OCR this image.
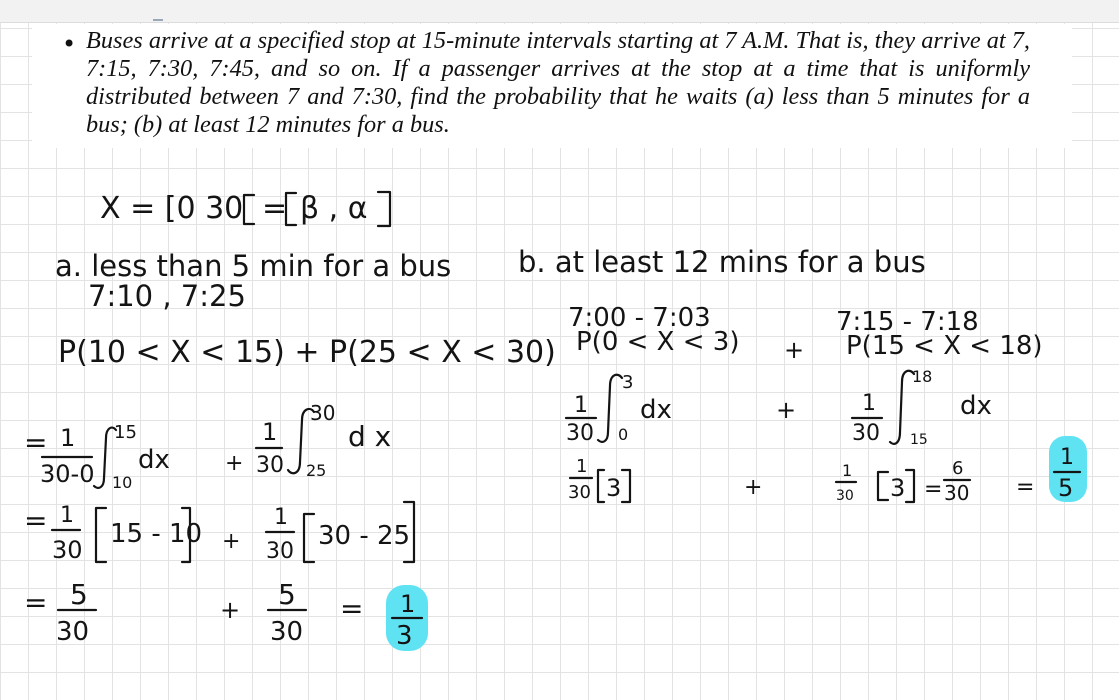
• Buses arrive at a specified stop at 15-minute intervals starting at 7 A.M. That is, they arrive at 7, 7:15, 7:30, 7:45, and so on. If a passenger arrives at the stop at a time that is uniformly distributed between 7 and 7:30, find the probability that he waits (a) less than 5 minutes for a bus; (b) at least 12 minutes for a bus.

X = [0 30 = β , α
a. less than 5 min for a bus
7:10 , 7:25
P(10 < X < 15) + P(25 < X < 30)
= 1
30-0
15
10
dx	+
1
30
30
25
d x
= 1
30
15 - 10 +
1
30
30 - 25
= 5
30
+ 5
30
= 1
3
b. at least 12 mins for a bus
7:00 - 7:03	7:15 - 7:18
P(0 < X < 3) + P(15 < X < 18)
1
30
3
0
dx	+	1
30
18
15
dx
1
30 3	+
1
30 3 =
6
30 =
1
5
